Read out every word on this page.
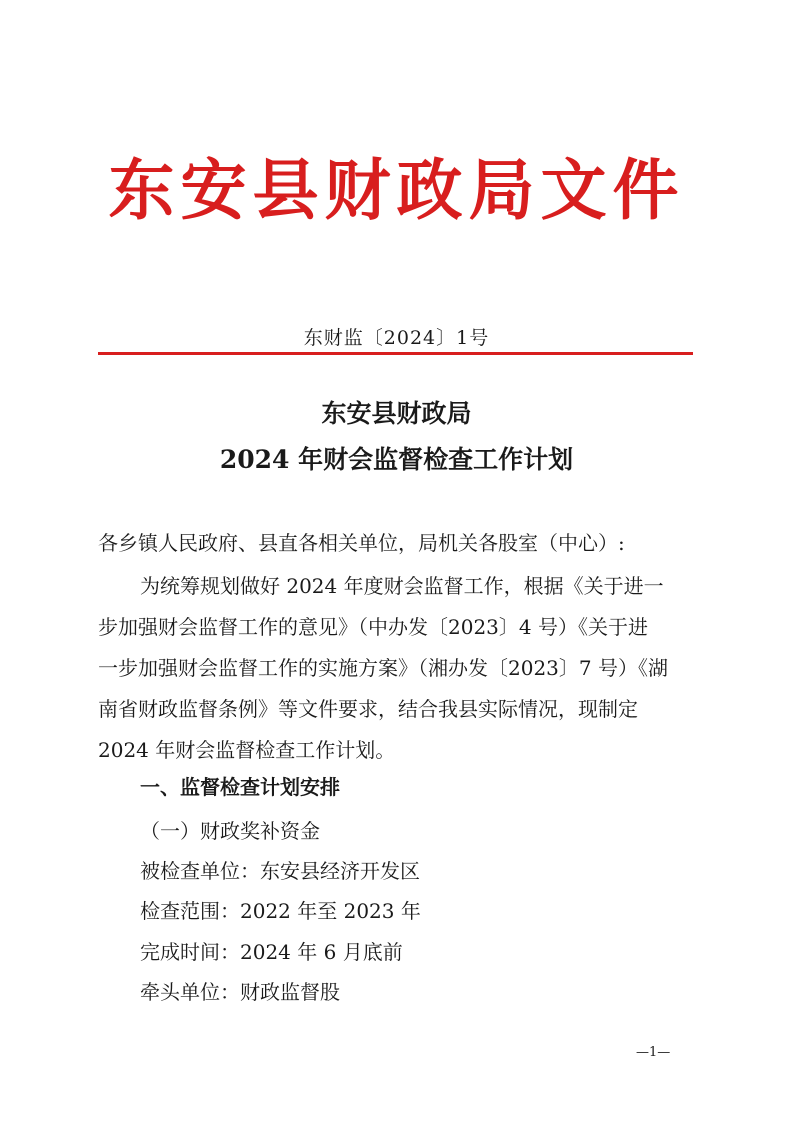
东安县财政局文件
东财监〔2024〕1号
东安县财政局
2024 年财会监督检查工作计划
各乡镇人民政府、县直各相关单位，局机关各股室（中心）:
为统筹规划做好 2024 年度财会监督工作，根据《关于进一
步加强财会监督工作的意见》（中办发〔2023〕4 号）《关于进
一步加强财会监督工作的实施方案》（湘办发〔2023〕7 号）《湖
南省财政监督条例》等文件要求，结合我县实际情况，现制定
2024 年财会监督检查工作计划。
一、监督检查计划安排
（一）财政奖补资金
被检查单位：东安县经济开发区
检查范围：2022 年至 2023 年
完成时间：2024 年 6 月底前
牵头单位：财政监督股
—1—
